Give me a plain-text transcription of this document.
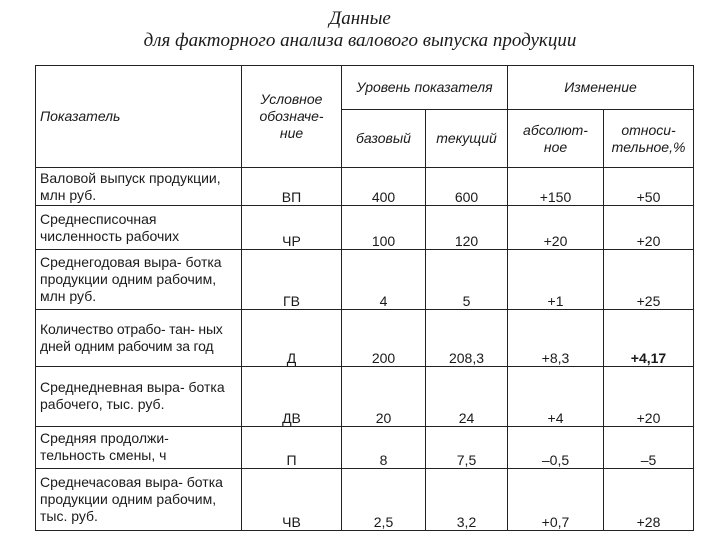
Данные
для факторного анализа валового выпуска продукции
Показатель	Условное обозначе- ние	Уровень показателя		Изменение	
		базовый	текущий	абсолют- ное	относи- тельное,%
Валовой выпуск продукции, млн руб.	ВП	400	600	+150	+50
Среднесписочная численность рабочих	ЧР	100	120	+20	+20
Среднегодовая выра- ботка продукции одним рабочим, млн руб.	ГВ	4	5	+1	+25
Количество отрабо- тан- ных дней одним рабочим за год	Д	200	208,3	+8,3	+4,17
Среднедневная выра- ботка рабочего, тыс. руб.	ДВ	20	24	+4	+20
Средняя продолжи- тельность смены, ч	П	8	7,5	–0,5	–5
Среднечасовая выра- ботка продукции одним рабочим, тыс. руб.	ЧВ	2,5	3,2	+0,7	+28
